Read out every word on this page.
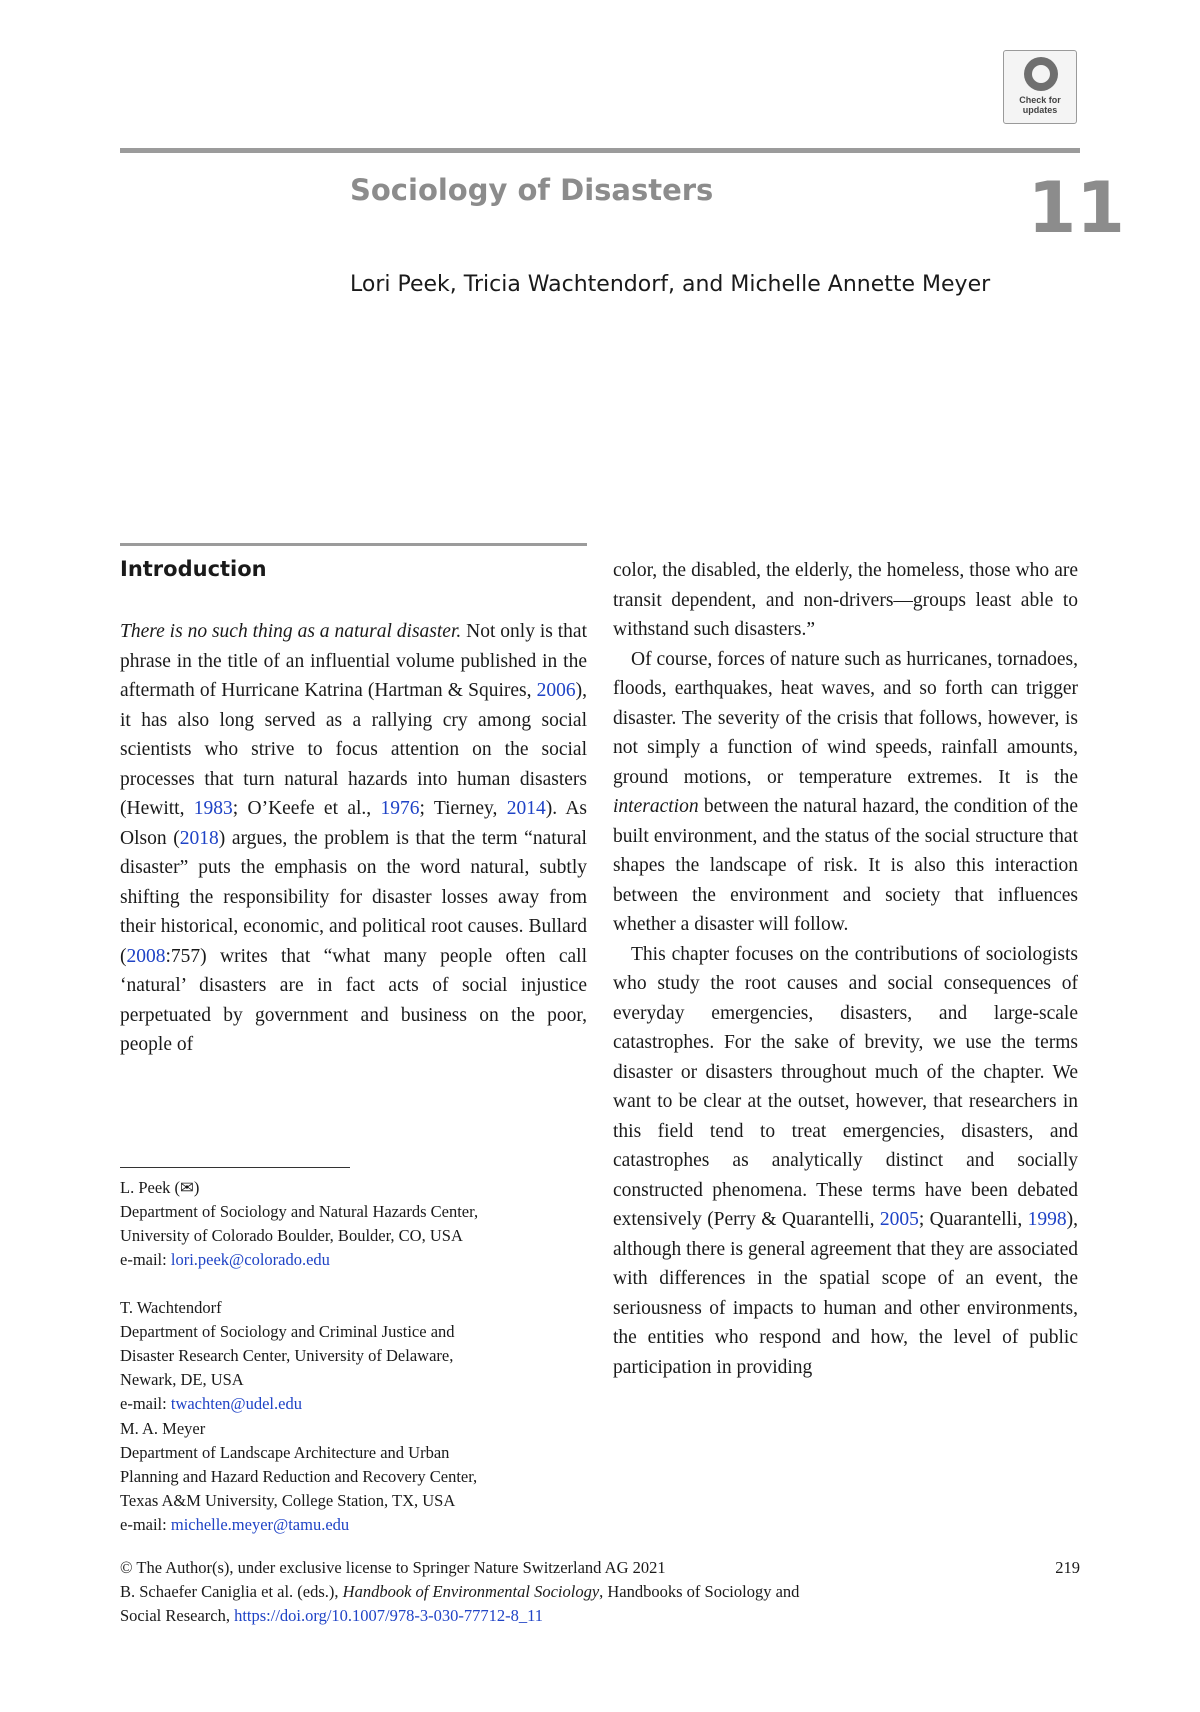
Check for
updates
Sociology of Disasters	11
Lori Peek, Tricia Wachtendorf, and Michelle Annette Meyer
Introduction

There is no such thing as a natural disaster. Not only is that phrase in the title of an influential volume published in the aftermath of Hurricane Katrina (Hartman & Squires, 2006), it has also long served as a rallying cry among social scientists who strive to focus attention on the social processes that turn natural hazards into human disasters (Hewitt, 1983; O’Keefe et al., 1976; Tierney, 2014). As Olson (2018) argues, the problem is that the term “natural disaster” puts the emphasis on the word natural, subtly shifting the responsibility for disaster losses away from their historical, economic, and political root causes. Bullard (2008:757) writes that “what many people often call ‘natural’ disasters are in fact acts of social injustice perpetuated by government and business on the poor, people of

color, the disabled, the elderly, the homeless, those who are transit dependent, and non-drivers—groups least able to withstand such disasters.”

Of course, forces of nature such as hurricanes, tornadoes, floods, earthquakes, heat waves, and so forth can trigger disaster. The severity of the crisis that follows, however, is not simply a function of wind speeds, rainfall amounts, ground motions, or temperature extremes. It is the interaction between the natural hazard, the condition of the built environment, and the status of the social structure that shapes the landscape of risk. It is also this interaction between the environment and society that influences whether a disaster will follow.

This chapter focuses on the contributions of sociologists who study the root causes and social consequences of everyday emergencies, disasters, and large-scale catastrophes. For the sake of brevity, we use the terms disaster or disasters throughout much of the chapter. We want to be clear at the outset, however, that researchers in this field tend to treat emergencies, disasters, and catastrophes as analytically distinct and socially constructed phenomena. These terms have been debated extensively (Perry & Quarantelli, 2005; Quarantelli, 1998), although there is general agreement that they are associated with differences in the spatial scope of an event, the seriousness of impacts to human and other environments, the entities who respond and how, the level of public participation in providing

L. Peek (✉)
Department of Sociology and Natural Hazards Center,
University of Colorado Boulder, Boulder, CO, USA
e-mail: lori.peek@colorado.edu
T. Wachtendorf
Department of Sociology and Criminal Justice and
Disaster Research Center, University of Delaware,
Newark, DE, USA
e-mail: twachten@udel.edu
M. A. Meyer
Department of Landscape Architecture and Urban
Planning and Hazard Reduction and Recovery Center,
Texas A&M University, College Station, TX, USA
e-mail: michelle.meyer@tamu.edu
© The Author(s), under exclusive license to Springer Nature Switzerland AG 2021	219
B. Schaefer Caniglia et al. (eds.), Handbook of Environmental Sociology, Handbooks of Sociology and
Social Research, https://doi.org/10.1007/978-3-030-77712-8_11
